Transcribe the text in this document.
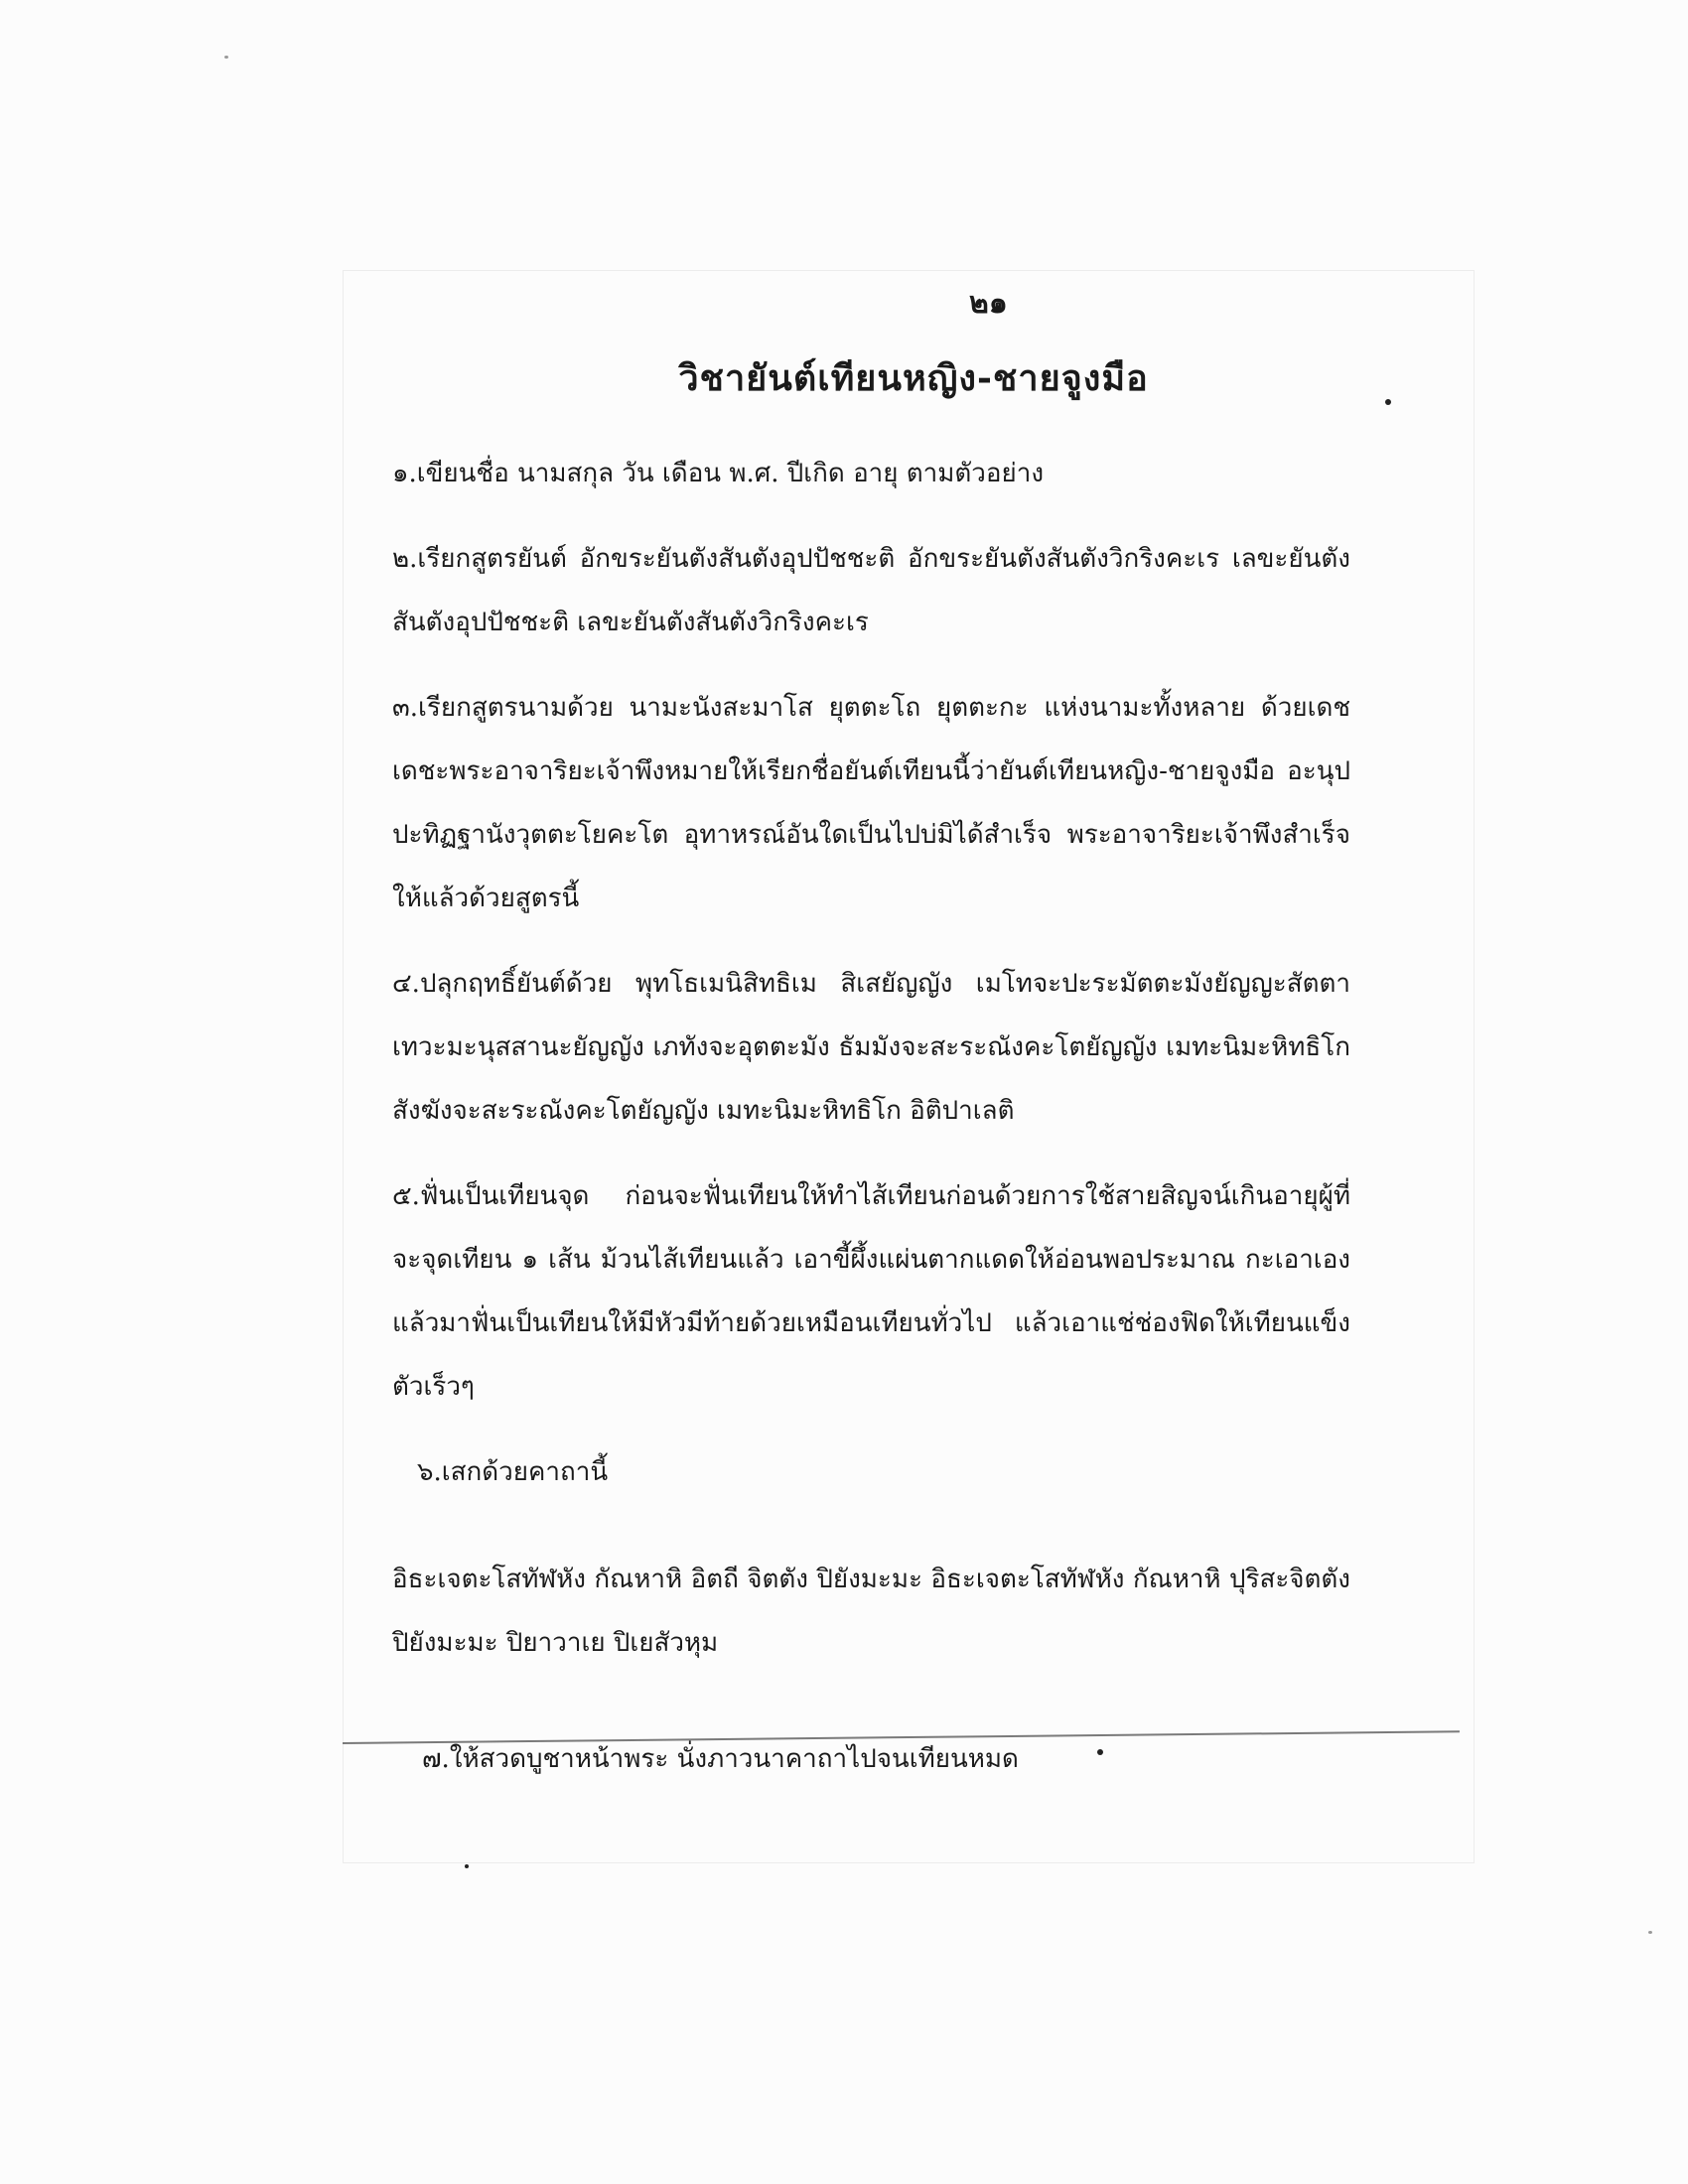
๒๑
วิชายันต์เทียนหญิง-ชายจูงมือ

๑.เขียนชื่อ นามสกุล วัน เดือน พ.ศ. ปีเกิด อายุ ตามตัวอย่าง

๒.เรียกสูตรยันต์ อักขระยันตังสันตังอุปปัชชะติ อักขระยันตังสันตังวิกริงคะเร เลขะยันตังสันตังอุปปัชชะติ เลขะยันตังสันตังวิกริงคะเร

๓.เรียกสูตรนามด้วย นามะนังสะมาโส ยุตตะโถ ยุตตะกะ แห่งนามะทั้งหลาย ด้วยเดชเดชะพระอาจาริยะเจ้าพึงหมายให้เรียกชื่อยันต์เทียนนี้ว่ายันต์เทียนหญิง-ชายจูงมือ อะนุปปะทิฏฐานังวุตตะโยคะโต อุทาหรณ์อันใดเป็นไปบ่มิได้สำเร็จ พระอาจาริยะเจ้าพึงสำเร็จให้แล้วด้วยสูตรนี้

๔.ปลุกฤทธิ์ยันต์ด้วย พุทโธเมนิสิทธิเม สิเสยัญญัง เมโทจะปะระมัตตะมังยัญญะสัตตาเทวะมะนุสสานะยัญญัง เภทังจะอุตตะมัง ธัมมังจะสะระณังคะโตยัญญัง เมทะนิมะหิทธิโก สังฆังจะสะระณังคะโตยัญญัง เมทะนิมะหิทธิโก อิติปาเลติ

๕.ฟั่นเป็นเทียนจุด ก่อนจะฟั่นเทียนให้ทำไส้เทียนก่อนด้วยการใช้สายสิญจน์เกินอายุผู้ที่จะจุดเทียน ๑ เส้น ม้วนไส้เทียนแล้ว เอาขี้ผึ้งแผ่นตากแดดให้อ่อนพอประมาณ กะเอาเอง แล้วมาฟั่นเป็นเทียนให้มีหัวมีท้ายด้วยเหมือนเทียนทั่วไป แล้วเอาแช่ช่องฟิดให้เทียนแข็งตัวเร็วๆ

๖.เสกด้วยคาถานี้

อิธะเจตะโสทัฬหัง กัณหาหิ อิตถี จิตตัง ปิยังมะมะ อิธะเจตะโสทัฬหัง กัณหาหิ ปุริสะจิตตัง ปิยังมะมะ ปิยาวาเย ปิเยสัวหุม

๗.ให้สวดบูชาหน้าพระ นั่งภาวนาคาถาไปจนเทียนหมด
